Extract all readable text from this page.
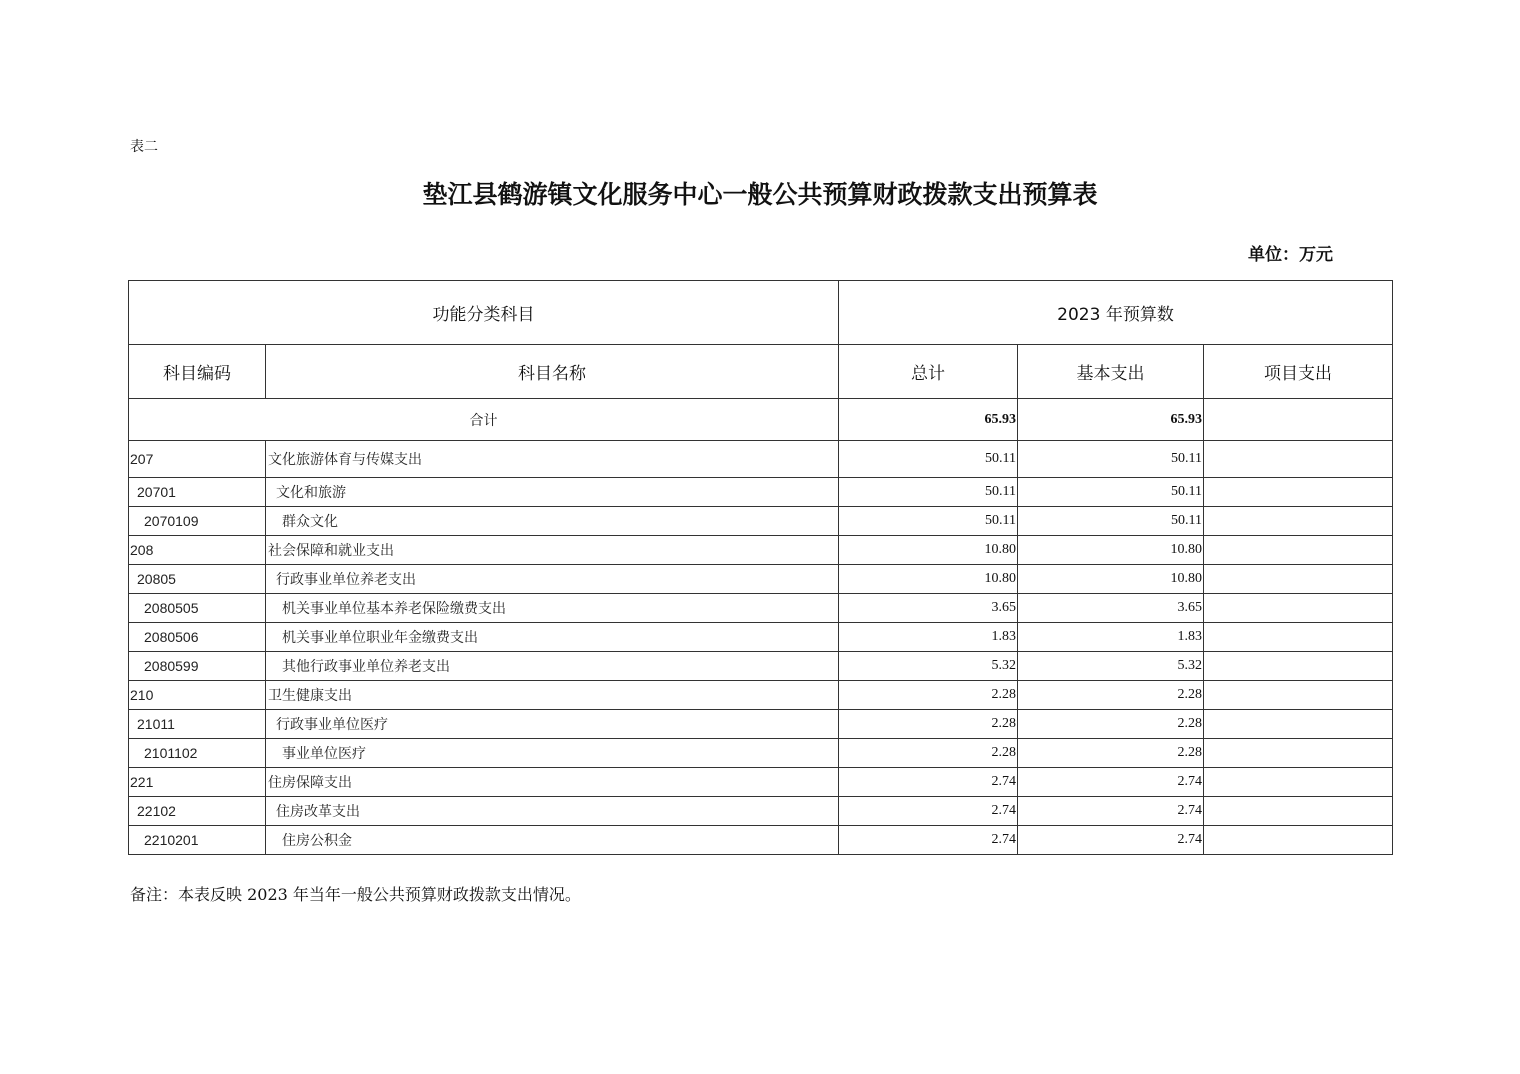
表二
垫江县鹤游镇文化服务中心一般公共预算财政拨款支出预算表
单位：万元
功能分类科目		2023 年预算数		
科目编码	科目名称	总计	基本支出	项目支出
合计		65.93	65.93	
207	文化旅游体育与传媒支出	50.11	50.11	
20701	文化和旅游	50.11	50.11	
2070109	群众文化	50.11	50.11	
208	社会保障和就业支出	10.80	10.80	
20805	行政事业单位养老支出	10.80	10.80	
2080505	机关事业单位基本养老保险缴费支出	3.65	3.65	
2080506	机关事业单位职业年金缴费支出	1.83	1.83	
2080599	其他行政事业单位养老支出	5.32	5.32	
210	卫生健康支出	2.28	2.28	
21011	行政事业单位医疗	2.28	2.28	
2101102	事业单位医疗	2.28	2.28	
221	住房保障支出	2.74	2.74	
22102	住房改革支出	2.74	2.74	
2210201	住房公积金	2.74	2.74	
备注：本表反映 2023 年当年一般公共预算财政拨款支出情况。
